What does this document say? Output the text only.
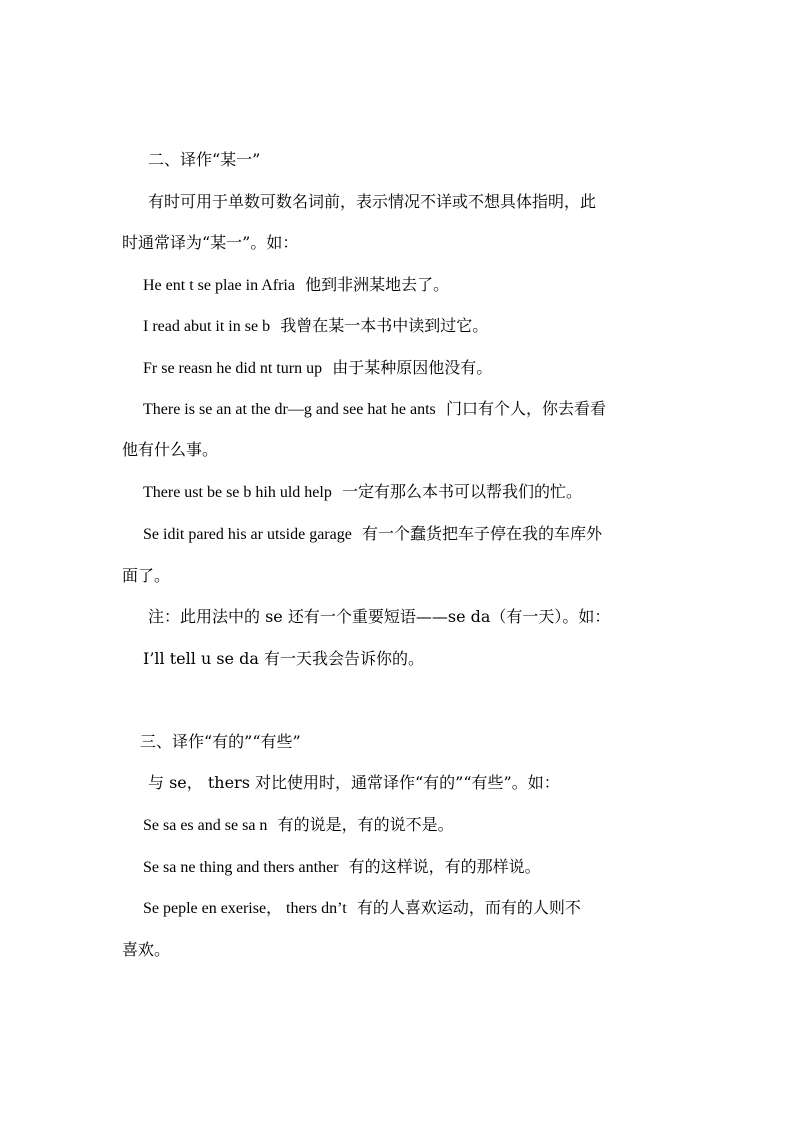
二、译作“某一”
有时可用于单数可数名词前，表示情况不详或不想具体指明，此
时通常译为“某一”。如：
He ent t se plae in Afria 他到非洲某地去了。
I read abut it in se b 我曾在某一本书中读到过它。
Fr se reasn he did nt turn up 由于某种原因他没有。
There is se an at the dr—g and see hat he ants 门口有个人，你去看看
他有什么事。
There ust be se b hih uld help 一定有那么本书可以帮我们的忙。
Se idit pared his ar utside garage 有一个蠢货把车子停在我的车库外
面了。
注：此用法中的 se 还有一个重要短语——se da（有一天）。如：
I’ll tell u se da 有一天我会告诉你的。
三、译作“有的”“有些”
与 se， thers 对比使用时，通常译作“有的”“有些”。如：
Se sa es and se sa n 有的说是，有的说不是。
Se sa ne thing and thers anther 有的这样说，有的那样说。
Se peple en exerise， thers dn’t 有的人喜欢运动，而有的人则不
喜欢。
